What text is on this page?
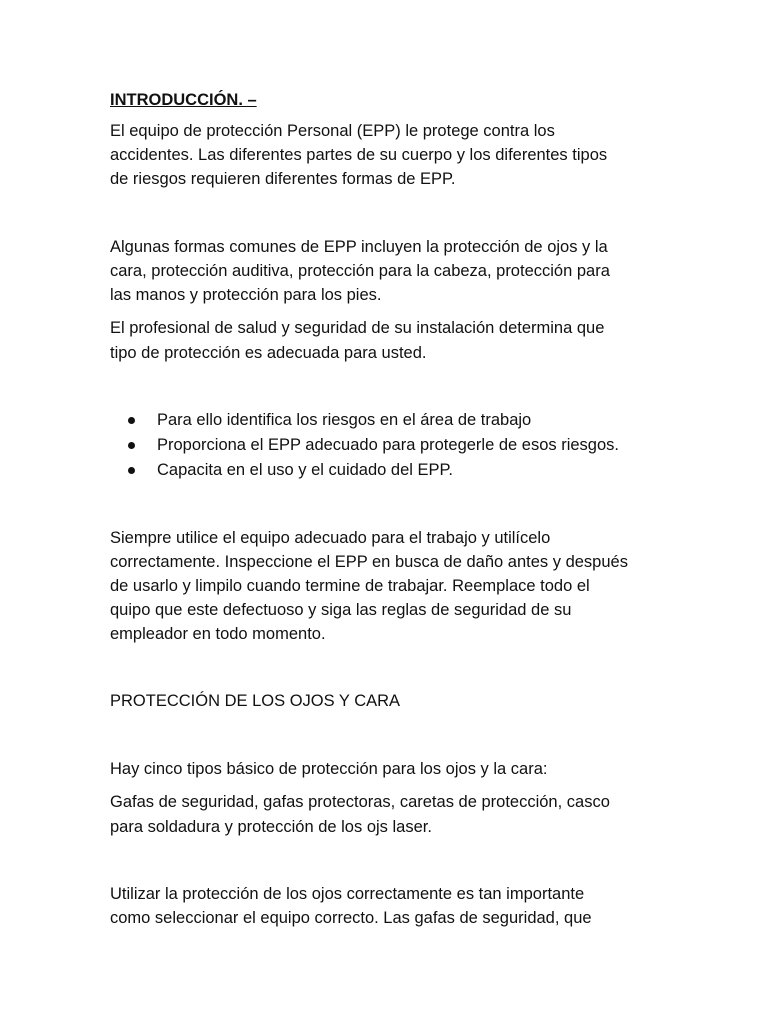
INTRODUCCIÓN. –
El equipo de protección Personal (EPP) le protege contra los
accidentes. Las diferentes partes de su cuerpo y los diferentes tipos
de riesgos requieren diferentes formas de EPP.
Algunas formas comunes de EPP incluyen la protección de ojos y la
cara, protección auditiva, protección para la cabeza, protección para
las manos y protección para los pies.
El profesional de salud y seguridad de su instalación determina que
tipo de protección es adecuada para usted.
Para ello identifica los riesgos en el área de trabajo
Proporciona el EPP adecuado para protegerle de esos riesgos.
Capacita en el uso y el cuidado del EPP.
Siempre utilice el equipo adecuado para el trabajo y utilícelo
correctamente. Inspeccione el EPP en busca de daño antes y después
de usarlo y limpilo cuando termine de trabajar. Reemplace todo el
quipo que este defectuoso y siga las reglas de seguridad de su
empleador en todo momento.
PROTECCIÓN DE LOS OJOS Y CARA
Hay cinco tipos básico de protección para los ojos y la cara:
Gafas de seguridad, gafas protectoras, caretas de protección, casco
para soldadura y protección de los ojs laser.
Utilizar la protección de los ojos correctamente es tan importante
como seleccionar el equipo correcto. Las gafas de seguridad, que
